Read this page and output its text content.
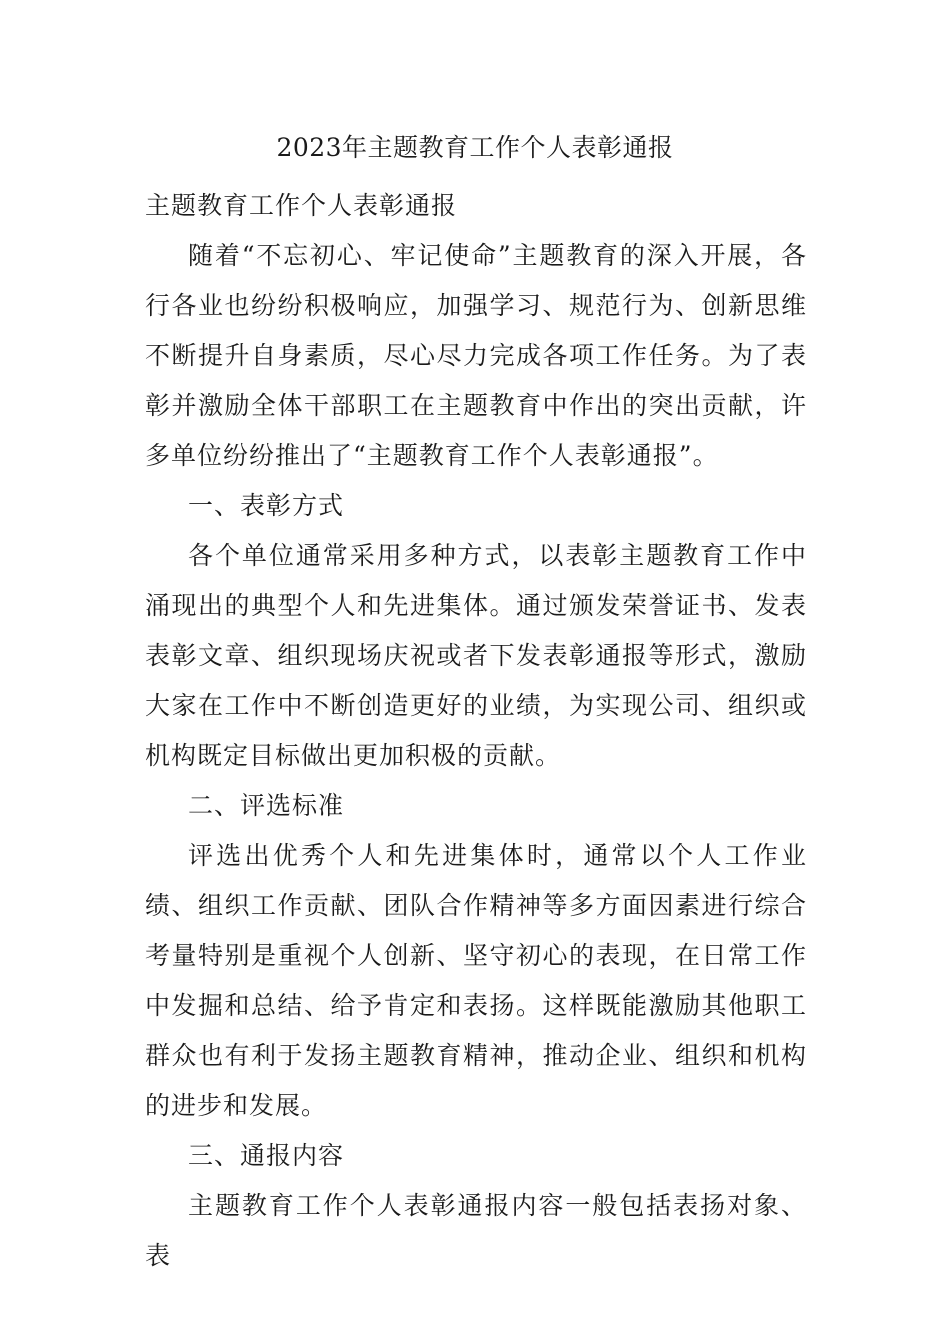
2023年主题教育工作个人表彰通报

主题教育工作个人表彰通报

随着“不忘初心、牢记使命”主题教育的深入开展，各行各业也纷纷积极响应，加强学习、规范行为、创新思维不断提升自身素质，尽心尽力完成各项工作任务。为了表彰并激励全体干部职工在主题教育中作出的突出贡献，许多单位纷纷推出了“主题教育工作个人表彰通报”。

一、表彰方式

各个单位通常采用多种方式，以表彰主题教育工作中涌现出的典型个人和先进集体。通过颁发荣誉证书、发表表彰文章、组织现场庆祝或者下发表彰通报等形式，激励大家在工作中不断创造更好的业绩，为实现公司、组织或机构既定目标做出更加积极的贡献。

二、评选标准

评选出优秀个人和先进集体时，通常以个人工作业绩、组织工作贡献、团队合作精神等多方面因素进行综合考量特别是重视个人创新、坚守初心的表现，在日常工作中发掘和总结、给予肯定和表扬。这样既能激励其他职工群众也有利于发扬主题教育精神，推动企业、组织和机构的进步和发展。

三、通报内容

主题教育工作个人表彰通报内容一般包括表扬对象、表
